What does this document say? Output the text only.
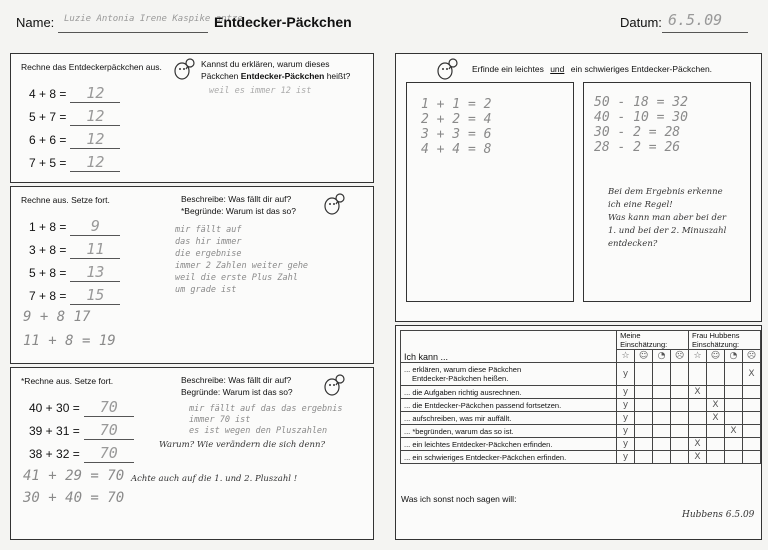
Name: Luzie Antonia Irene Kaspike antze
Entdecker-Päckchen	Datum: 6.5.09
Rechne das Entdeckerpäckchen aus.	Kannst du erklären, warum dieses
Päckchen Entdecker-Päckchen heißt?
weil es immer 12 ist
4 + 8 = 12
5 + 7 = 12
6 + 6 = 12
7 + 5 = 12
Rechne aus. Setze fort.	Beschreibe: Was fällt dir auf?
*Begründe: Warum ist das so?
1 + 8 = 9
3 + 8 = 11
5 + 8 = 13
7 + 8 = 15
9 + 8 17
11 + 8 = 19
mir fällt auf
das hir immer
die ergebnise
immer 2 Zahlen weiter gehe
weil die erste Plus Zahl
um grade ist
*Rechne aus. Setze fort.	Beschreibe: Was fällt dir auf?
Begründe: Warum ist das so?
40 + 30 = 70
39 + 31 = 70
38 + 32 = 70
41 + 29 = 70
30 + 40 = 70
mir fällt auf das das ergebnis
immer 70 ist
es ist wegen den Pluszahlen
Warum? Wie verändern die sich denn?
Achte auch auf die 1. und 2. Pluszahl !
Erfinde ein leichtes und ein schwieriges Entdecker-Päckchen.
1 + 1 = 2
2 + 2 = 4
3 + 3 = 6
4 + 4 = 8
50 - 18 = 32
40 - 10 = 30
30 - 2 = 28
28 - 2 = 26
Bei dem Ergebnis erkenne
ich eine Regel!
Was kann man aber bei der
1. und bei der 2. Minuszahl
entdecken?
Ich kann ...	Meine Einschätzung:				Frau Hubbens Einschätzung:			
	☆	☺	◔	☹	☆	☺	◔	☹
... erklären, warum diese Päckchen
Entdecker-Päckchen heißen.	y							X
... die Aufgaben richtig ausrechnen.	y				X			
... die Entdecker-Päckchen passend fortsetzen.	y					X		
... aufschreiben, was mir auffällt.	y					X		
... *begründen, warum das so ist.	y						X	
... ein leichtes Entdecker-Päckchen erfinden.	y				X			
... ein schwieriges Entdecker-Päckchen erfinden.	y				X			
Was ich sonst noch sagen will:
Hubbens 6.5.09
